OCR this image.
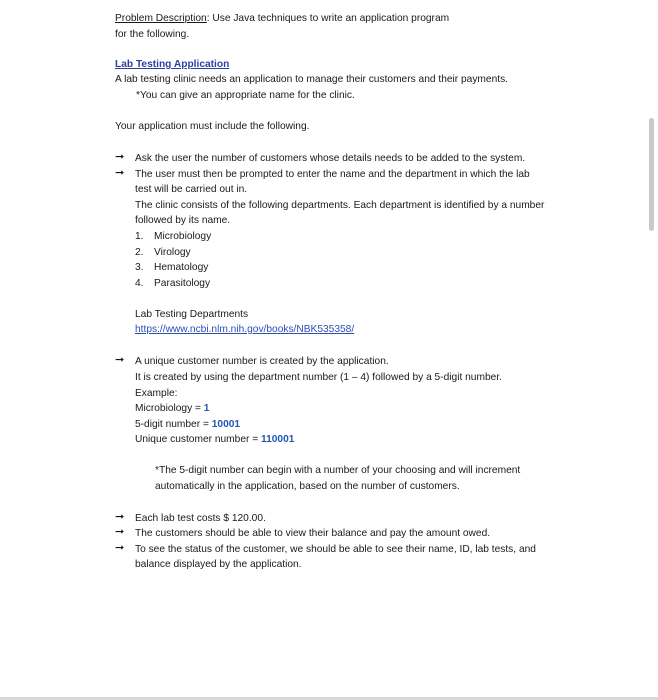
Problem Description: Use Java techniques to write an application program
for the following.
Lab Testing Application
A lab testing clinic needs an application to manage their customers and their payments.
*You can give an appropriate name for the clinic.
Your application must include the following.
➞ Ask the user the number of customers whose details needs to be added to the system.
➞ The user must then be prompted to enter the name and the department in which the lab
test will be carried out in.
The clinic consists of the following departments. Each department is identified by a number
followed by its name.
1. Microbiology
2. Virology
3. Hematology
4. Parasitology
Lab Testing Departments
https://www.ncbi.nlm.nih.gov/books/NBK535358/
➞ A unique customer number is created by the application.
It is created by using the department number (1 – 4) followed by a 5-digit number.
Example:
Microbiology = 1
5-digit number = 10001
Unique customer number = 110001
*The 5-digit number can begin with a number of your choosing and will increment
automatically in the application, based on the number of customers.
➞ Each lab test costs $ 120.00.
➞ The customers should be able to view their balance and pay the amount owed.
➞ To see the status of the customer, we should be able to see their name, ID, lab tests, and
balance displayed by the application.
